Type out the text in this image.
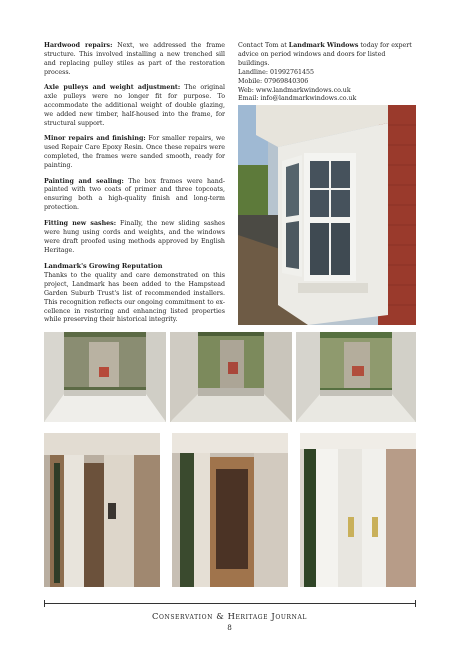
Hardwood repairs: Next, we addressed the frame structure. This involved installing a new trenched sill and replacing pulley stiles as part of the restoration process.

Axle pulleys and weight adjustment: The original axle pulleys were no longer fit for purpose. To accommodate the additional weight of double glazing, we added new timber, half-housed into the frame, for structural support.

Minor repairs and finishing: For smaller repairs, we used Repair Care Epoxy Resin. Once these repairs were completed, the frames were sanded smooth, ready for painting.

Painting and sealing: The box frames were hand-painted with two coats of primer and three topcoats, ensuring both a high-quality finish and long-term protection.

Fitting new sashes: Finally, the new sliding sashes were hung using cords and weights, and the windows were draft proofed using methods approved by English Heritage.

Landmark's Growing Reputation

Thanks to the quality and care demonstrated on this project, Landmark has been added to the Hampstead Garden Suburb Trust's list of recommended installers. This recognition reflects our ongoing commitment to ex-cellence in restoring and enhancing listed properties while preserving their historical integrity.

Contact Tom at Landmark Windows today for expert advice on period windows and doors for listed buildings.

Landline: 01992761455

Mobile: 07969840306

Web: www.landmarkwindows.co.uk

Email: info@landmarkwindows.co.uk

Conservation & Heritage Journal
8
